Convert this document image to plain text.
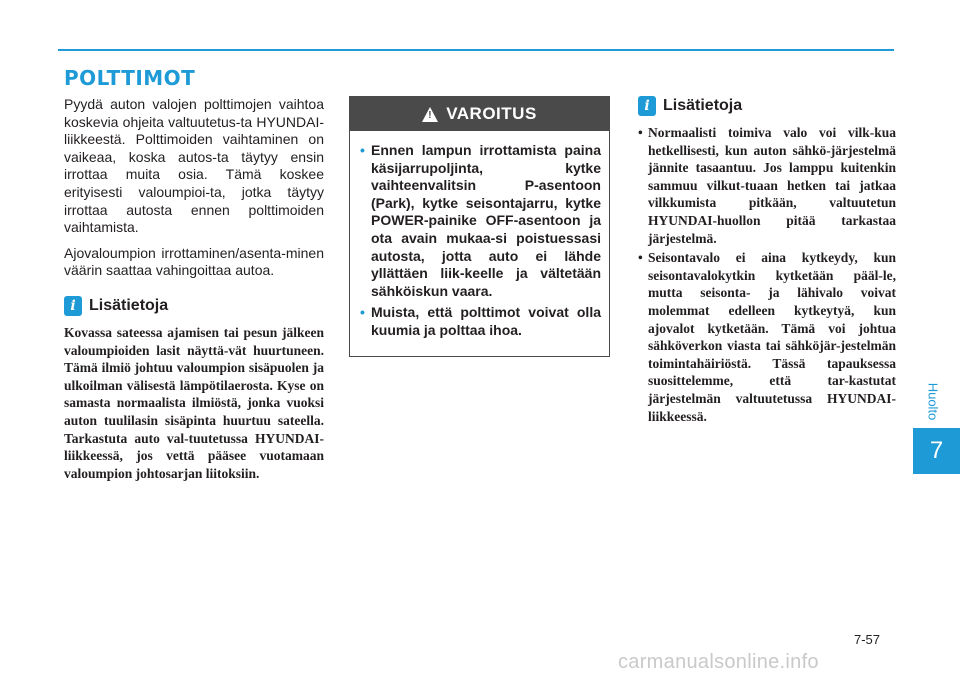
POLTTIMOT

Pyydä auton valojen polttimojen vaihtoa koskevia ohjeita valtuutetus-ta HYUNDAI-liikkeestä. Polttimoiden vaihtaminen on vaikeaa, koska autos-ta täytyy ensin irrottaa muita osia. Tämä koskee erityisesti valoumpioi-ta, jotka täytyy irrottaa autosta ennen polttimoiden vaihtamista.

Ajovaloumpion irrottaminen/asenta-minen väärin saattaa vahingoittaa autoa.

i Lisätietoja

Kovassa sateessa ajamisen tai pesun jälkeen valoumpioiden lasit näyttä-vät huurtuneen. Tämä ilmiö johtuu valoumpion sisäpuolen ja ulkoilman välisestä lämpötilaerosta. Kyse on samasta normaalista ilmiöstä, jonka vuoksi auton tuulilasin sisäpinta huurtuu sateella. Tarkastuta auto val-tuutetussa HYUNDAI-liikkeessä, jos vettä pääsee vuotamaan valoumpion johtosarjan liitoksiin.

! VAROITUS
• Ennen lampun irrottamista paina käsijarrupoljinta, kytke vaihteenvalitsin P-asentoon (Park), kytke seisontajarru, kytke POWER-painike OFF-asentoon ja ota avain mukaa-si poistuessasi autosta, jotta auto ei lähde yllättäen liik-keelle ja vältetään sähköiskun vaara.
• Muista, että polttimot voivat olla kuumia ja polttaa ihoa.
i Lisätietoja
• Normaalisti toimiva valo voi vilk-kua hetkellisesti, kun auton sähkö-järjestelmä jännite tasaantuu. Jos lamppu kuitenkin sammuu vilkut-tuaan hetken tai jatkaa vilkkumista pitkään, valtuutetun HYUNDAI-huollon pitää tarkastaa järjestelmä.
• Seisontavalo ei aina kytkeydy, kun seisontavalokytkin kytketään pääl-le, mutta seisonta- ja lähivalo voivat molemmat edelleen kytkeytyä, kun ajovalot kytketään. Tämä voi johtua sähköverkon viasta tai sähköjär-jestelmän toimintahäiriöstä. Tässä tapauksessa suosittelemme, että tar-kastutat järjestelmän valtuutetussa HYUNDAI-liikkeessä.	Huolto
7
7-57
carmanualsonline.info
